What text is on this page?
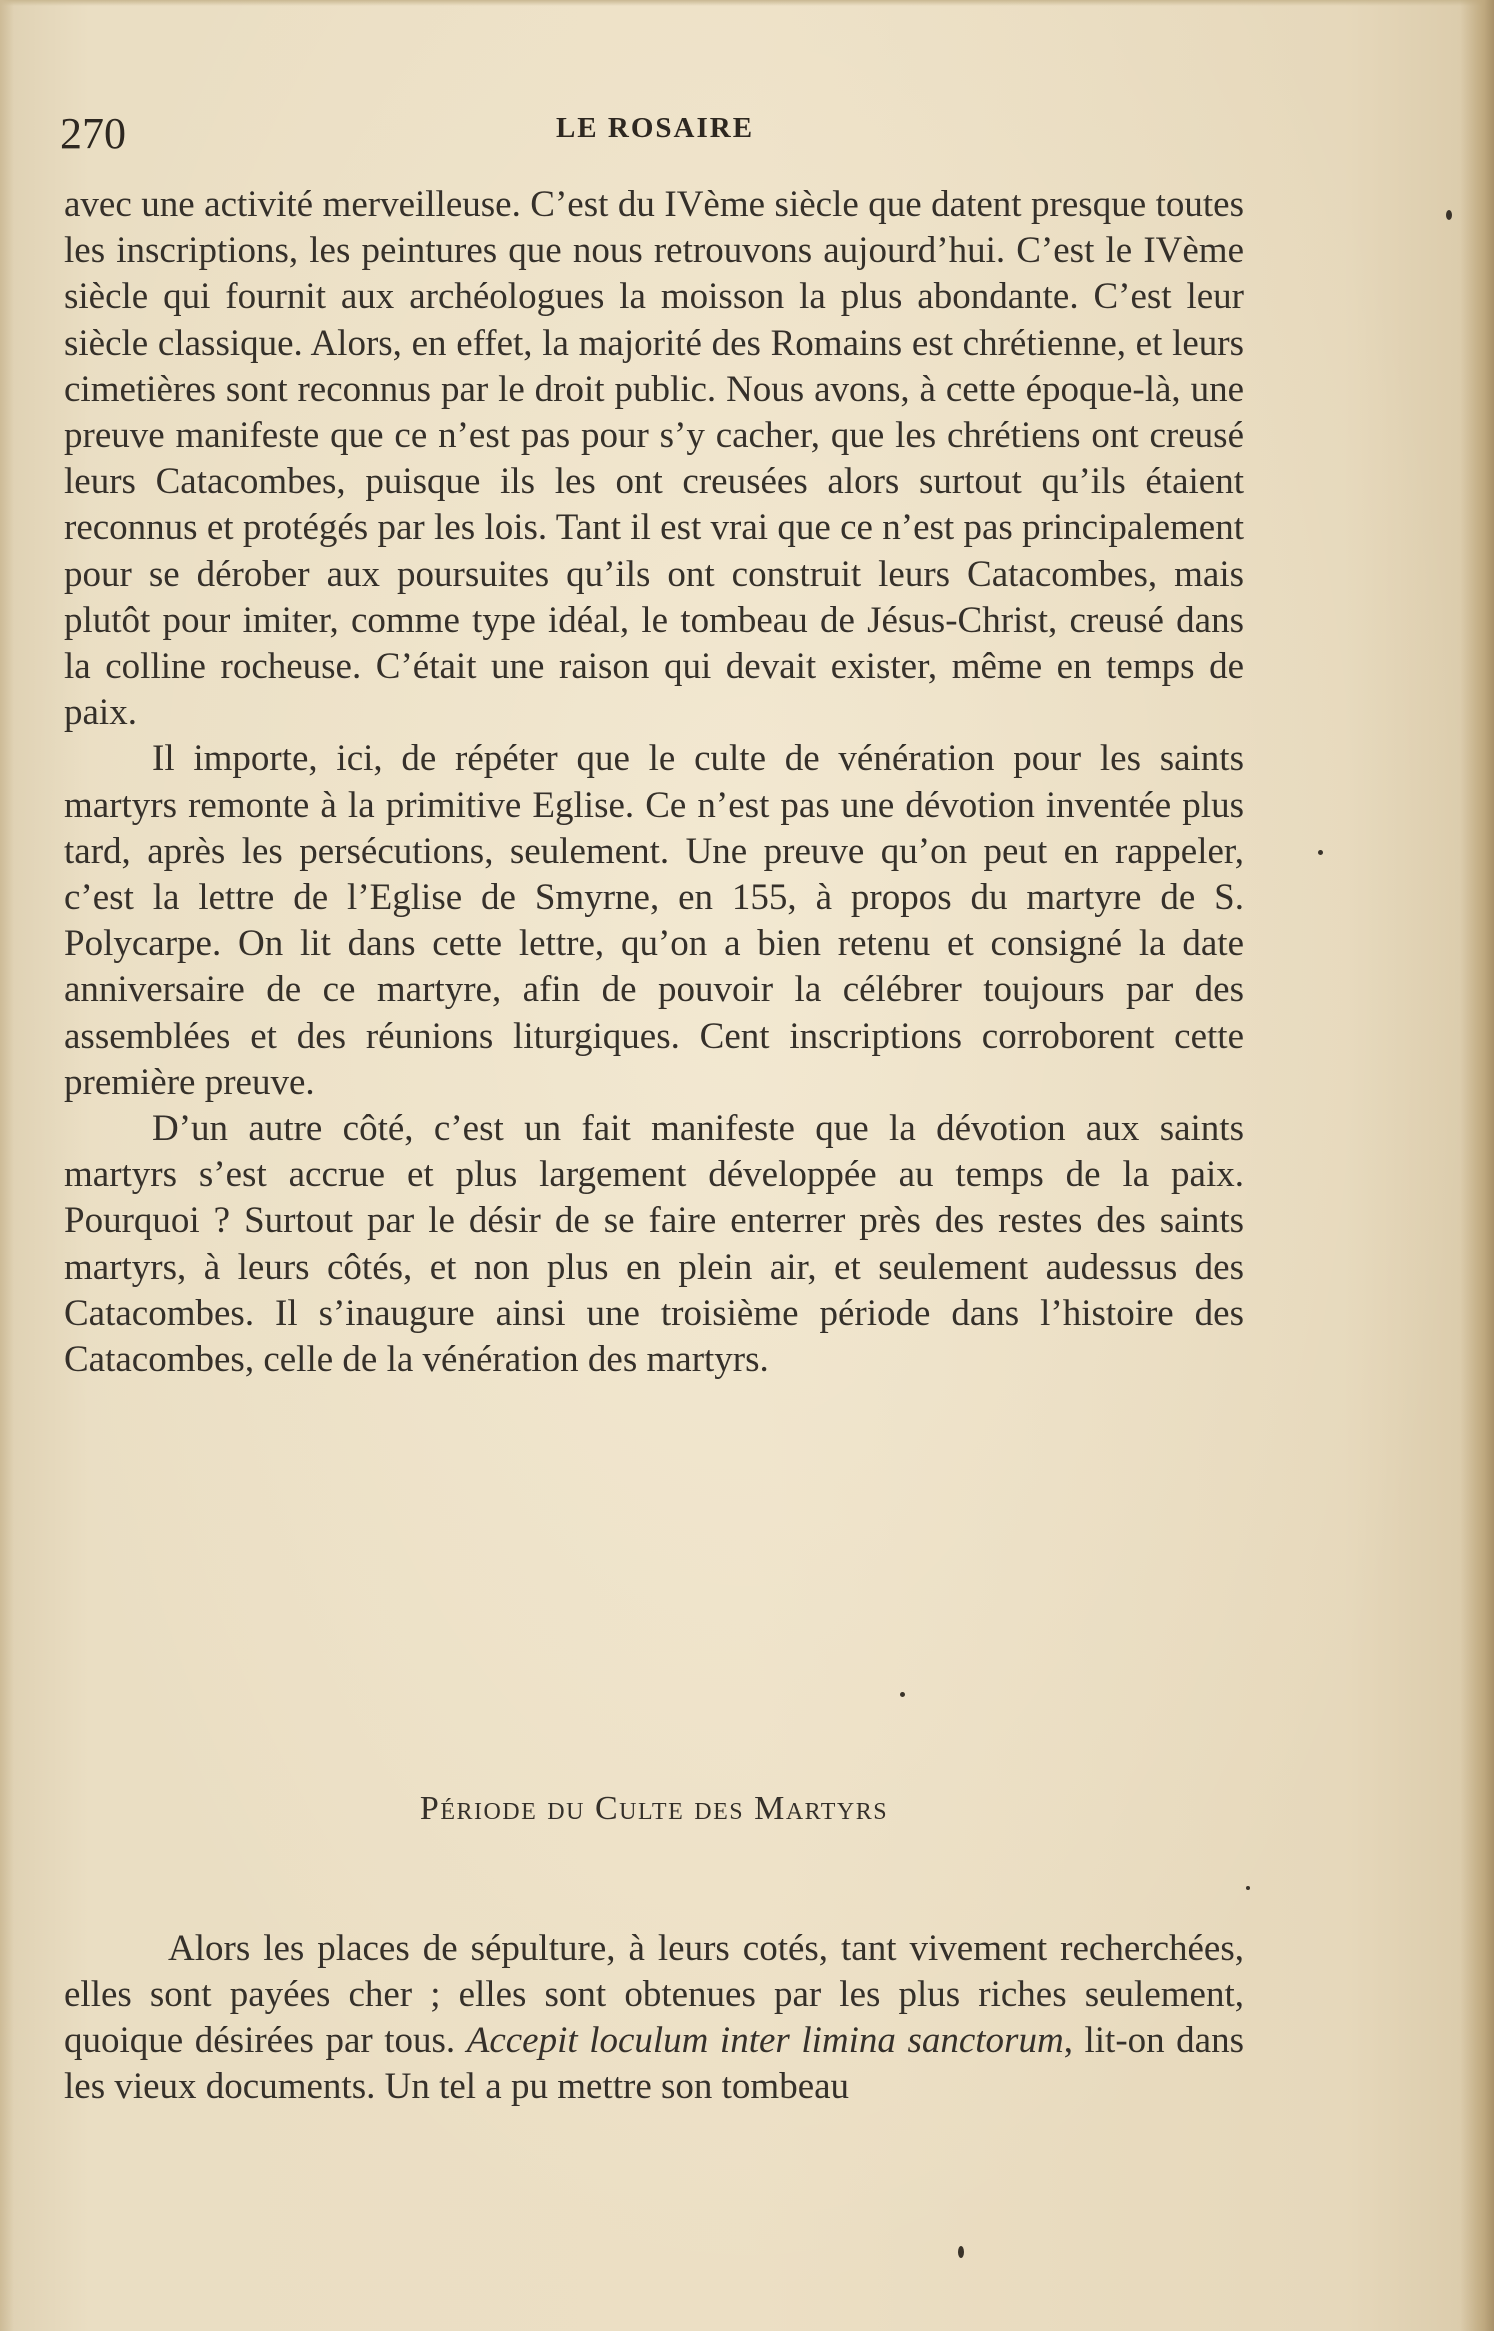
270	LE ROSAIRE

avec une activité merveilleuse. C’est du IVème siècle que datent presque toutes les inscriptions, les peintures que nous retrouvons aujourd’hui. C’est le IVème siècle qui fournit aux archéologues la moisson la plus abondante. C’est leur siècle classique. Alors, en effet, la majorité des Romains est chrétienne, et leurs cimetières sont reconnus par le droit public. Nous avons, à cette époque-là, une preuve manifeste que ce n’est pas pour s’y cacher, que les chrétiens ont creusé leurs Catacombes, puisque ils les ont creusées alors surtout qu’ils étaient reconnus et protégés par les lois. Tant il est vrai que ce n’est pas principalement pour se dérober aux poursuites qu’ils ont construit leurs Catacombes, mais plutôt pour imiter, comme type idéal, le tombeau de Jésus-Christ, creusé dans la colline rocheuse. C’était une raison qui devait exister, même en temps de paix.

Il importe, ici, de répéter que le culte de vénération pour les saints martyrs remonte à la primitive Eglise. Ce n’est pas une dévotion inventée plus tard, après les persécutions, seulement. Une preuve qu’on peut en rappeler, c’est la lettre de l’Eglise de Smyrne, en 155, à propos du martyre de S. Polycarpe. On lit dans cette lettre, qu’on a bien retenu et consigné la date anniversaire de ce martyre, afin de pouvoir la célébrer toujours par des assemblées et des réunions liturgiques. Cent inscriptions corroborent cette première preuve.

D’un autre côté, c’est un fait manifeste que la dévotion aux saints martyrs s’est accrue et plus largement développée au temps de la paix. Pourquoi ? Surtout par le désir de se faire enterrer près des restes des saints martyrs, à leurs côtés, et non plus en plein air, et seulement audessus des Catacombes. Il s’inaugure ainsi une troisième période dans l’histoire des Catacombes, celle de la vénération des martyrs.

Période du Culte des Martyrs

Alors les places de sépulture, à leurs cotés, tant vivement recherchées, elles sont payées cher ; elles sont obtenues par les plus riches seulement, quoique désirées par tous. Accepit loculum inter limina sanctorum, lit-on dans les vieux documents. Un tel a pu mettre son tombeau
